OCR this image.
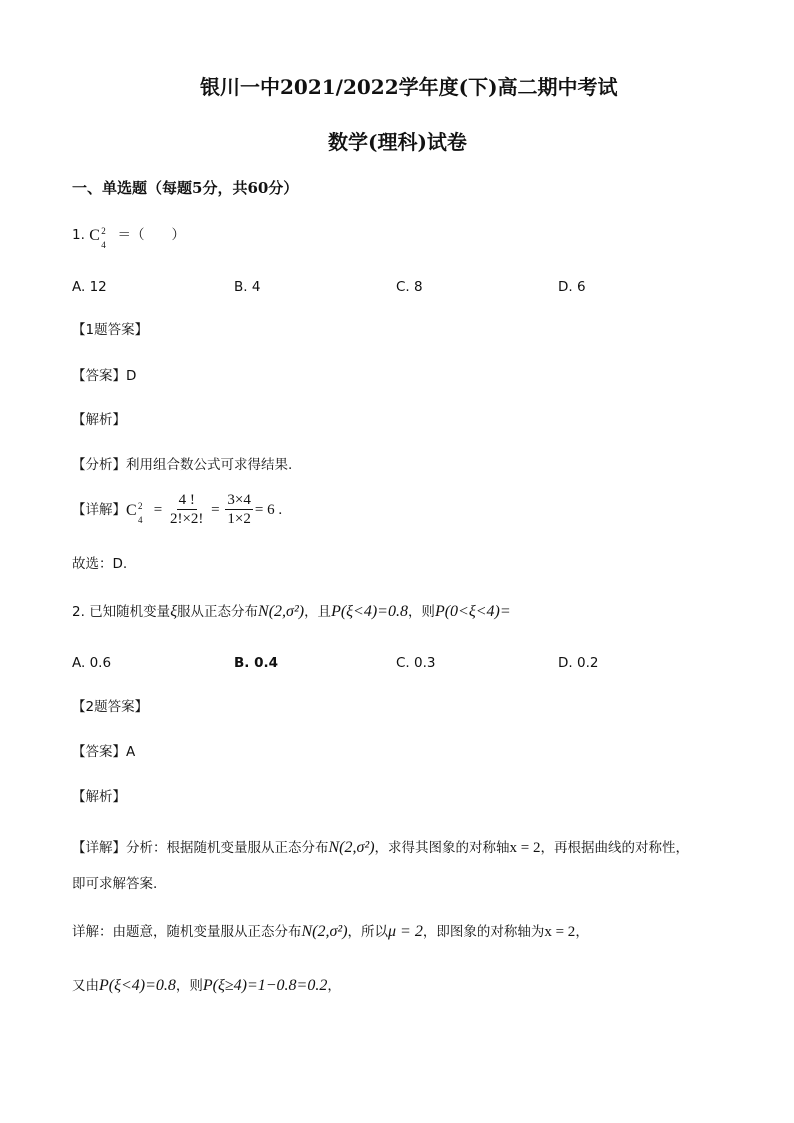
银川一中2021/2022学年度(下)高二期中考试
数学(理科)试卷
一、单选题（每题5分，共60分）
1. C 2
4
＝（　　）
A. 12	B. 4	C. 8	D. 6
【1题答案】
【答案】D
【解析】
【分析】利用组合数公式可求得结果.
【详解】 C 2
4
= $\frac{4 !}{2!\times 2!} = \frac{3\times 4}{1\times 2} = 6$ .
故选：D.
2. 已知随机变量ξ服从正态分布N(2,σ²)，且P(ξ<4)=0.8，则P(0<ξ<4)=
A. 0.6	B. 0.4	C. 0.3	D. 0.2
【2题答案】
【答案】A
【解析】
【详解】分析：根据随机变量服从正态分布N(2,σ²)，求得其图象的对称轴x = 2，再根据曲线的对称性，
即可求解答案.
详解：由题意，随机变量服从正态分布N(2,σ²)，所以μ = 2，即图象的对称轴为x = 2，
又由P(ξ<4)=0.8，则P(ξ≥4)=1−0.8=0.2，
